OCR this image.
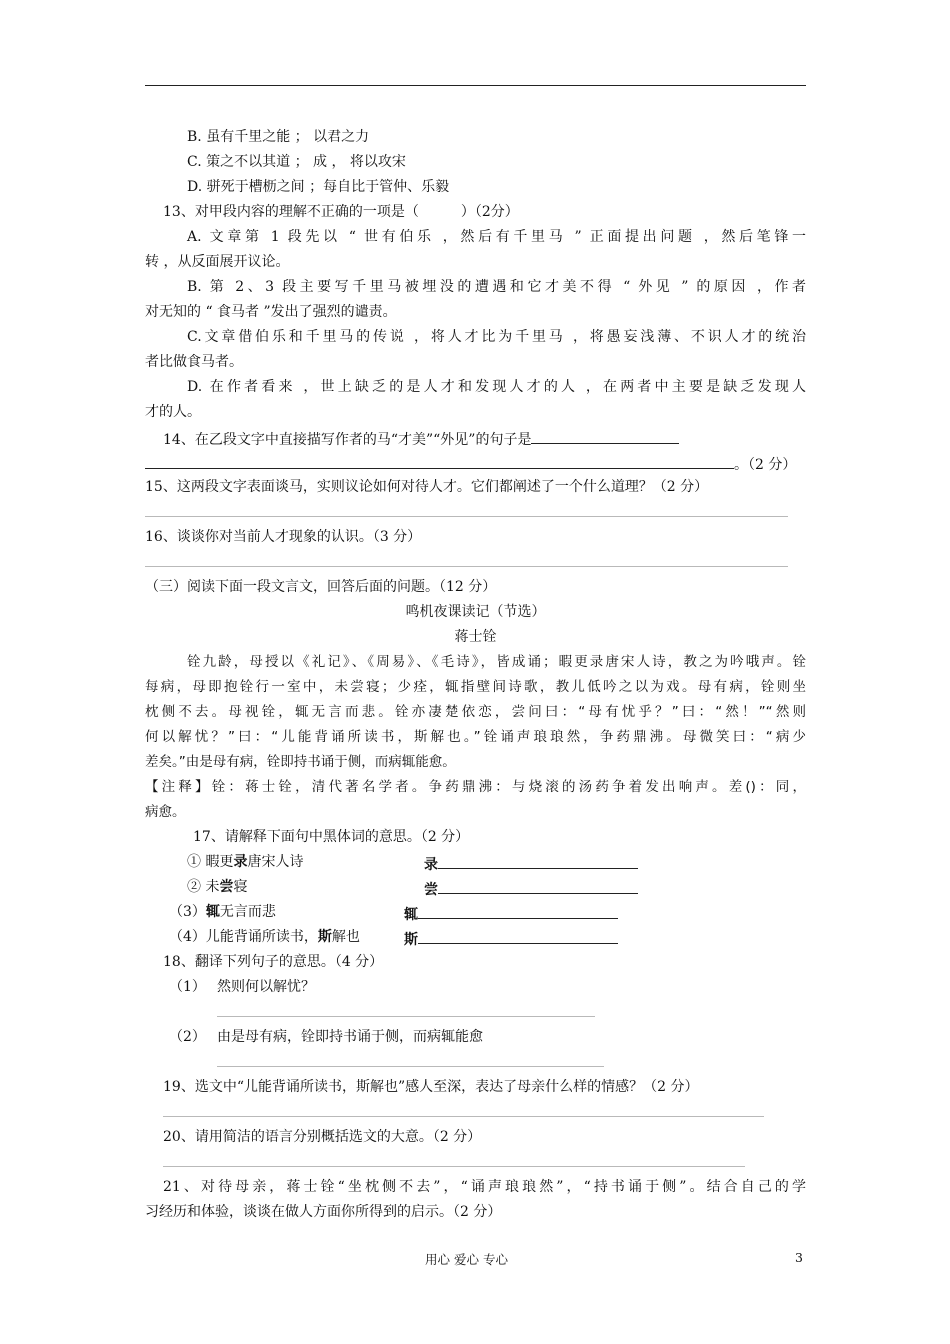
B. 虽有千里之能 ； 以君之力
C. 策之不以其道 ； 成 ， 将以攻宋
D. 骈死于槽枥之间 ；每自比于管仲、乐毅
13、对甲段内容的理解不正确的一项是（　　　）（2分）
A. 文章第 1 段先以 “ 世有伯乐 ，然后有千里马 ” 正面提出问题 ，然后笔锋一
转 ，从反面展开议论。
B. 第 2、3 段主要写千里马被埋没的遭遇和它才美不得 “ 外见 ” 的原因 ，作者
对无知的 “ 食马者 ”发出了强烈的谴责。
C.文章借伯乐和千里马的传说 ，将人才比为千里马 ，将愚妄浅薄、不识人才的统治
者比做食马者。
D. 在作者看来 ，世上缺乏的是人才和发现人才的人 ，在两者中主要是缺乏发现人
才的人。
14、在乙段文字中直接描写作者的马“才美”“外见”的句子是
。（2 分）
15、这两段文字表面谈马，实则议论如何对待人才。它们都阐述了一个什么道理？（2 分）
16、谈谈你对当前人才现象的认识。（3 分）
（三）阅读下面一段文言文，回答后面的问题。（12 分）
鸣机夜课读记（节选）
蒋士铨
铨九龄，母授以《礼记》、《周易》、《毛诗》，皆成诵；暇更录唐宋人诗，教之为吟哦声。铨
每病，母即抱铨行一室中，未尝寝；少痊，辄指壁间诗歌，教儿低吟之以为戏。母有病，铨则坐
枕侧不去。母视铨，辄无言而悲。铨亦凄楚依恋，尝问曰：“母有忧乎？”曰：“然！”“然则
何以解忧？”曰：“儿能背诵所读书，斯解也。”铨诵声琅琅然，争药鼎沸。母微笑曰：“病少
差矣。”由是母有病，铨即持书诵于侧，而病辄能愈。
【注释】铨：蒋士铨，清代著名学者。争药鼎沸：与烧滚的汤药争着发出响声。差()：同，
病愈。
17、请解释下面句中黑体词的意思。（2 分）
① 暇更录唐宋人诗	录
② 未尝寝	尝
（3）辄无言而悲	辄
（4）儿能背诵所读书，斯解也	斯
18、翻译下列句子的意思。（4 分）
（1） 然则何以解忧？
（2） 由是母有病，铨即持书诵于侧，而病辄能愈
19、选文中“儿能背诵所读书，斯解也”感人至深，表达了母亲什么样的情感？（2 分）
20、请用简洁的语言分别概括选文的大意。（2 分）
21、对待母亲，蒋士铨“坐枕侧不去”，“诵声琅琅然”，“持书诵于侧”。结合自己的学
习经历和体验，谈谈在做人方面你所得到的启示。（2 分）
用心 爱心 专心	3
